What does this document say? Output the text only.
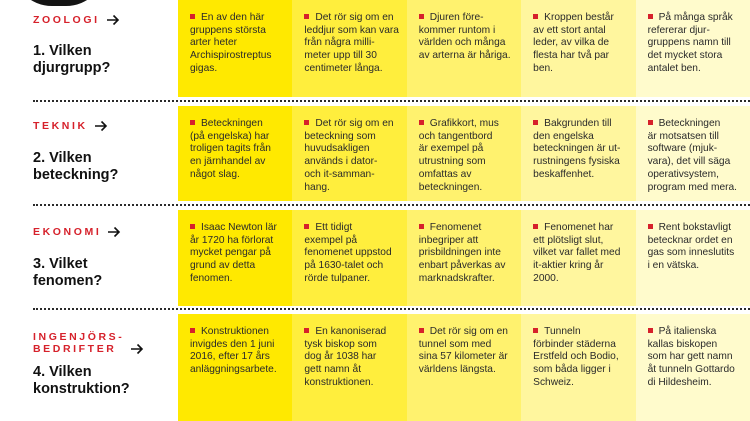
ZOOLOGI
1. Vilken
djurgrupp?
En av den här
gruppens största
arter heter
Archispirostreptus
gigas.
Det rör sig om en
leddjur som kan vara
från några milli-
meter upp till 30
centimeter långa.
Djuren före-
kommer runtom i
världen och många
av arterna är håriga.
Kroppen består
av ett stort antal
leder, av vilka de
flesta har två par
ben.
På många språk
refererar djur-
gruppens namn till
det mycket stora
antalet ben.
TEKNIK
2. Vilken
beteckning?
Beteckningen
(på engelska) har
troligen tagits från
en järnhandel av
något slag.
Det rör sig om en
beteckning som
huvudsakligen
används i dator-
och it-samman-
hang.
Grafikkort, mus
och tangentbord
är exempel på
utrustning som
omfattas av
beteckningen.
Bakgrunden till
den engelska
beteckningen är ut-
rustningens fysiska
beskaffenhet.
Beteckningen
är motsatsen till
software (mjuk-
vara), det vill säga
operativsystem,
program med mera.
EKONOMI
3. Vilket
fenomen?
Isaac Newton lär
år 1720 ha förlorat
mycket pengar på
grund av detta
fenomen.
Ett tidigt
exempel på
fenomenet uppstod
på 1630-talet och
rörde tulpaner.
Fenomenet
inbegriper att
prisbildningen inte
enbart påverkas av
marknadskrafter.
Fenomenet har
ett plötsligt slut,
vilket var fallet med
it-aktier kring år
2000.
Rent bokstavligt
betecknar ordet en
gas som inneslutits
i en vätska.
INGENJÖRS-
BEDRIFTER
4. Vilken
konstruktion?
Konstruktionen
invigdes den 1 juni
2016, efter 17 års
anläggningsarbete.
En kanoniserad
tysk biskop som
dog år 1038 har
gett namn åt
konstruktionen.
Det rör sig om en
tunnel som med
sina 57 kilometer är
världens längsta.
Tunneln
förbinder städerna
Erstfeld och Bodio,
som båda ligger i
Schweiz.
På italienska
kallas biskopen
som har gett namn
åt tunneln Gottardo
di Hildesheim.
